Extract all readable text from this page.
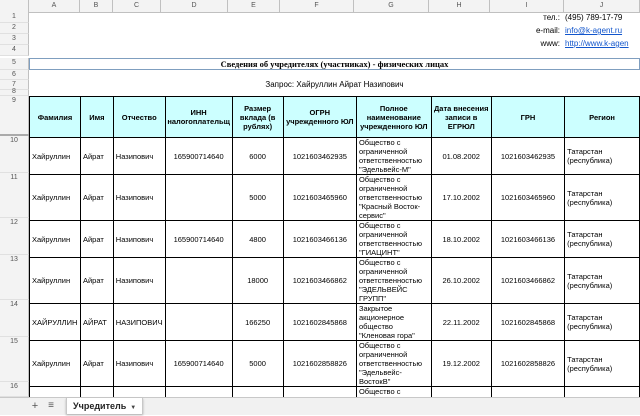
A	B	C	D	E	F	G	H	I	J
1
2
3
4
5
6
7
8
9
10
11
12
13
14
15
16
тел.: (495) 789-17-79
e-mail: info@k-agent.ru
www: http://www.k-agen
Сведения об учредителях (участниках) - физических лицах
Запрос: Хайруллин Айрат Назипович
Фамилия	Имя	Отчество	ИНН налогоплательщ	Размер вклада (в рублях)	ОГРН учрежденного ЮЛ	Полное наименование учрежденного ЮЛ	Дата внесения записи в ЕГРЮЛ	ГРН	Регион
Хайруллин	Айрат	Назипович	165900714640	6000	1021603462935	Общество с ограниченной ответственностью "Эдельвейс-М"	01.08.2002	1021603462935	Татарстан (республика)
Хайруллин	Айрат	Назипович		5000	1021603465960	Общество с ограниченной ответственностью "Красный Восток-сервис"	17.10.2002	1021603465960	Татарстан (республика)
Хайруллин	Айрат	Назипович	165900714640	4800	1021603466136	Общество с ограниченной ответственностью "ГИАЦИНТ"	18.10.2002	1021603466136	Татарстан (республика)
Хайруллин	Айрат	Назипович		18000	1021603466862	Общество с ограниченной ответственностью "ЭДЕЛЬВЕЙС ГРУПП"	26.10.2002	1021603466862	Татарстан (республика)
ХАЙРУЛЛИН	АЙРАТ	НАЗИПОВИЧ		166250	1021602845868	Закрытое акционерное общество "Кленовая гора"	22.11.2002	1021602845868	Татарстан (республика)
Хайруллин	Айрат	Назипович	165900714640	5000	1021602858826	Общество с ограниченной ответственностью "Эдельвейс-ВостокВ"	19.12.2002	1021602858826	Татарстан (республика)
						Общество с			
+ ≡	Учредитель ▼
